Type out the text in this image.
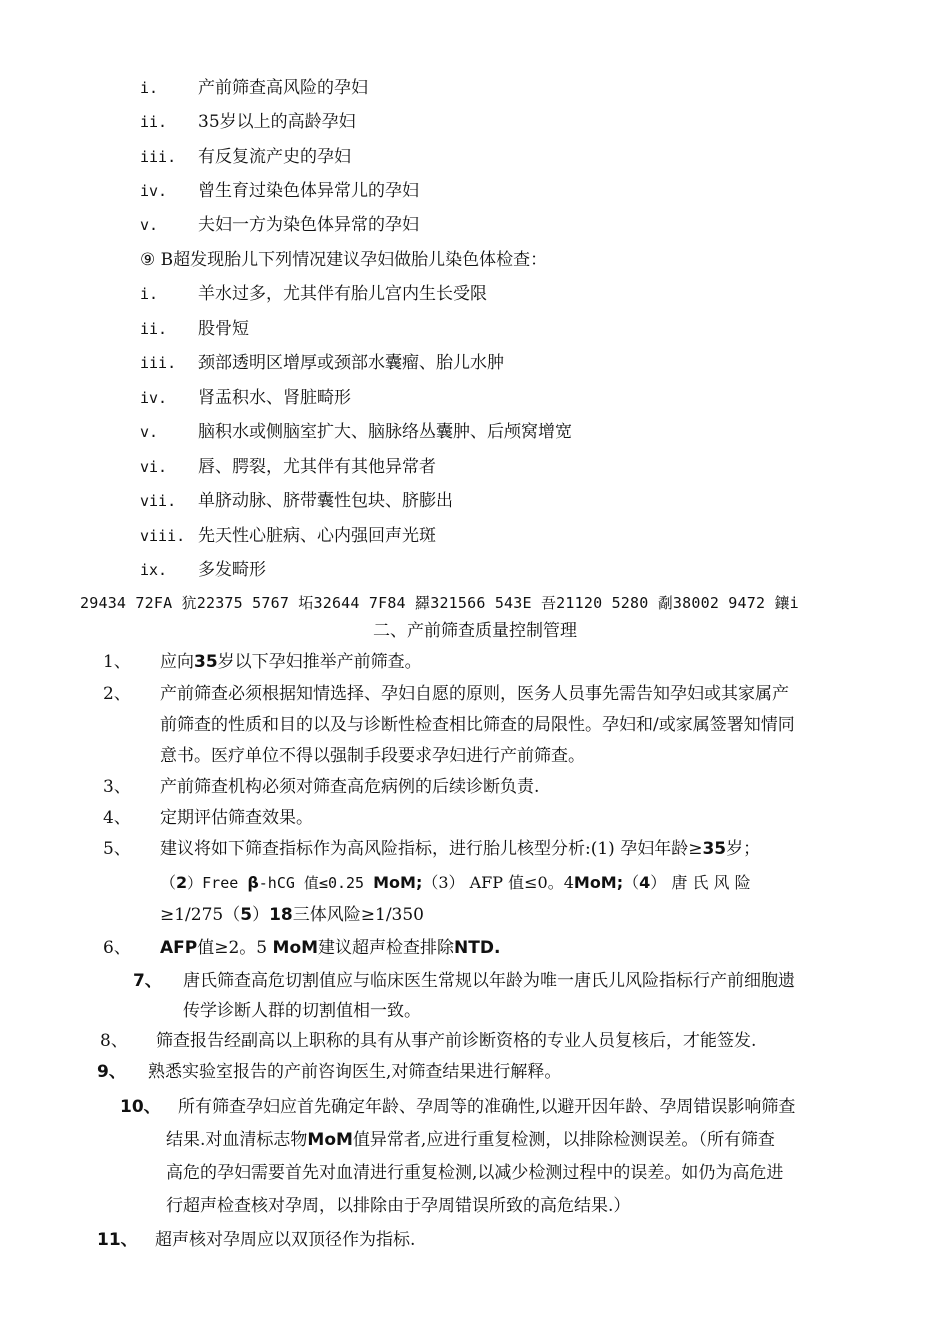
i. 产前筛查高风险的孕妇
ii. 35岁以上的高龄孕妇
iii. 有反复流产史的孕妇
iv. 曾生育过染色体异常儿的孕妇
v. 夫妇一方为染色体异常的孕妇
⑨ B超发现胎儿下列情况建议孕妇做胎儿染色体检查：
i. 羊水过多，尤其伴有胎儿宫内生长受限
ii. 股骨短
iii. 颈部透明区增厚或颈部水囊瘤、胎儿水肿
iv. 肾盂积水、肾脏畸形
v. 脑积水或侧脑室扩大、脑脉络丛囊肿、后颅窝增宽
vi. 唇、腭裂，尤其伴有其他异常者
vii. 单脐动脉、脐带囊性包块、脐膨出
viii. 先天性心脏病、心内强回声光斑
ix. 多发畸形
29434 72FA 犺22375 5767 坧32644 7F84 羄321566 543E 吾21120 5280 劀38002 9472 鑲i
二、产前筛查质量控制管理
1、 应向35岁以下孕妇推举产前筛查。
2、 产前筛查必须根据知情选择、孕妇自愿的原则，医务人员事先需告知孕妇或其家属产
前筛查的性质和目的以及与诊断性检查相比筛查的局限性。孕妇和/或家属签署知情同
意书。医疗单位不得以强制手段要求孕妇进行产前筛查。
3、 产前筛查机构必须对筛查高危病例的后续诊断负责.
4、 定期评估筛查效果。
5、 建议将如下筛查指标作为高风险指标，进行胎儿核型分析:(1) 孕妇年龄≥35岁；
（2）Free β-hCG 值≤0.25 MoM;（3） AFP 值≤0。4MoM;（4） 唐 氏 风 险
≥1/275（5）18三体风险≥1/350
6、 AFP值≥2。5 MoM建议超声检查排除NTD.
7、 唐氏筛查高危切割值应与临床医生常规以年龄为唯一唐氏儿风险指标行产前细胞遗
传学诊断人群的切割值相一致。
8、 筛查报告经副高以上职称的具有从事产前诊断资格的专业人员复核后，才能签发.
9、 熟悉实验室报告的产前咨询医生,对筛查结果进行解释。
10、 所有筛查孕妇应首先确定年龄、孕周等的准确性,以避开因年龄、孕周错误影响筛查
结果.对血清标志物MoM值异常者,应进行重复检测，以排除检测误差。（所有筛查
高危的孕妇需要首先对血清进行重复检测,以减少检测过程中的误差。如仍为高危进
行超声检查核对孕周，以排除由于孕周错误所致的高危结果.）
11、 超声核对孕周应以双顶径作为指标.
